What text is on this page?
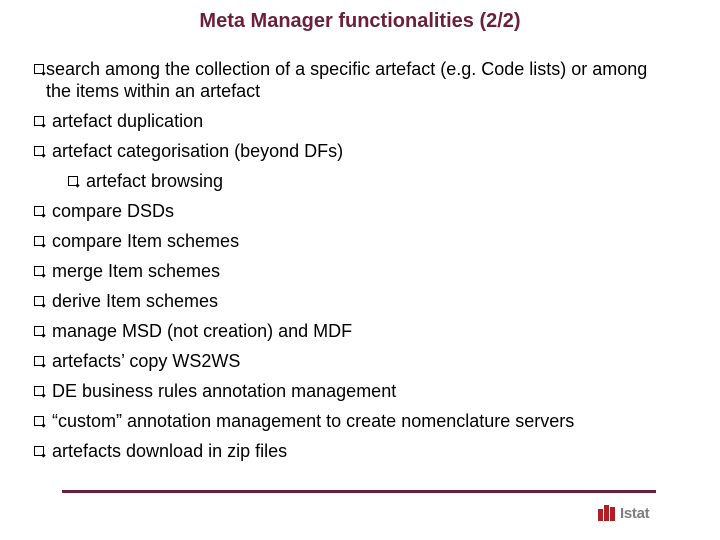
Meta Manager functionalities (2/2)
search among the collection of a specific artefact (e.g. Code lists) or among the items within an artefact
artefact duplication
artefact categorisation (beyond DFs)
artefact browsing
compare DSDs
compare Item schemes
merge Item schemes
derive Item schemes
manage MSD (not creation) and MDF
artefacts’ copy WS2WS
DE business rules annotation management
“custom” annotation management to create nomenclature servers
artefacts download in zip files
Istat
